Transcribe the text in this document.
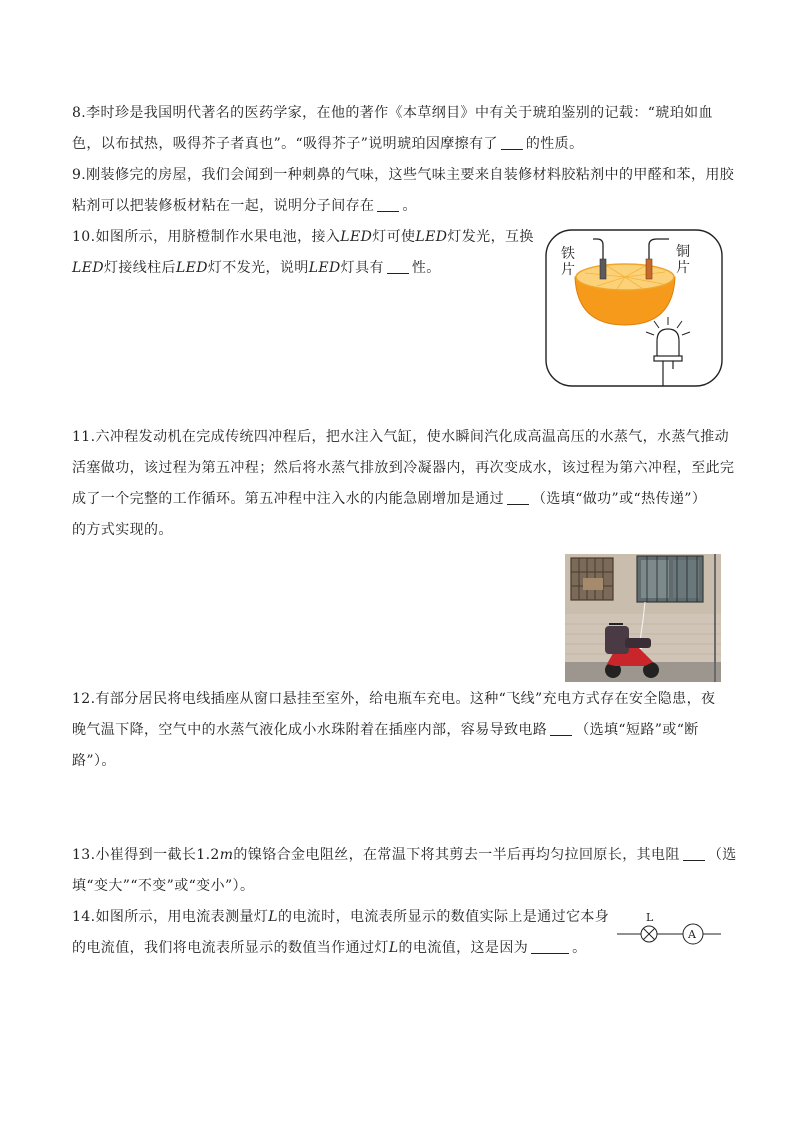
8.李时珍是我国明代著名的医药学家，在他的著作《本草纲目》中有关于琥珀鉴别的记载：“琥珀如血
色，以布拭热，吸得芥子者真也”。“吸得芥子”说明琥珀因摩擦有了 的性质。
9.刚装修完的房屋，我们会闻到一种刺鼻的气味，这些气味主要来自装修材料胶粘剂中的甲醛和苯，用胶
粘剂可以把装修板材粘在一起，说明分子间存在 。
10.如图所示，用脐橙制作水果电池，接入LED灯可使LED灯发光，互换
LED灯接线柱后LED灯不发光，说明LED灯具有 性。
铁
片
铜
片
11.六冲程发动机在完成传统四冲程后，把水注入气缸，使水瞬间汽化成高温高压的水蒸气，水蒸气推动
活塞做功，该过程为第五冲程；然后将水蒸气排放到冷凝器内，再次变成水，该过程为第六冲程，至此完
成了一个完整的工作循环。第五冲程中注入水的内能急剧增加是通过 （选填“做功”或“热传递”）
的方式实现的。
12.有部分居民将电线插座从窗口悬挂至室外，给电瓶车充电。这种“飞线”充电方式存在安全隐患，夜
晚气温下降，空气中的水蒸气液化成小水珠附着在插座内部，容易导致电路 （选填“短路”或“断
路”）。
13.小崔得到一截长1.2m的镍铬合金电阻丝，在常温下将其剪去一半后再均匀拉回原长，其电阻 （选
填“变大”“不变”或“变小”）。
14.如图所示，用电流表测量灯L的电流时，电流表所显示的数值实际上是通过它本身
的电流值，我们将电流表所显示的数值当作通过灯L的电流值，这是因为	。
L
A
